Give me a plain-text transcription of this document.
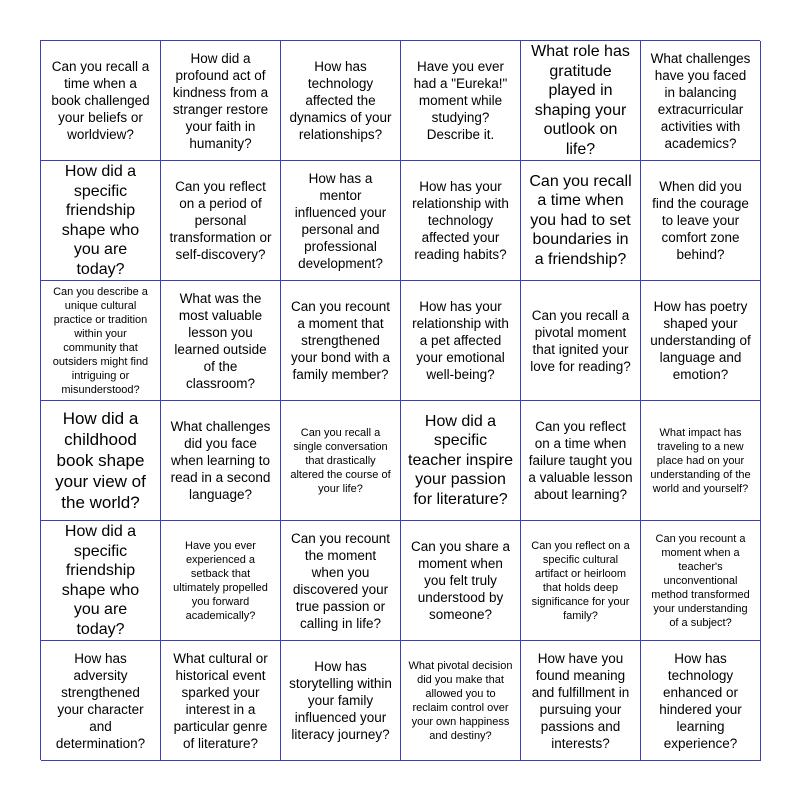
Can you recall a time when a book challenged your beliefs or worldview?
How did a profound act of kindness from a stranger restore your faith in humanity?
How has technology affected the dynamics of your relationships?
Have you ever had a "Eureka!" moment while studying? Describe it.
What role has gratitude played in shaping your outlook on life?
What challenges have you faced in balancing extracurricular activities with academics?
How did a specific friendship shape who you are today?
Can you reflect on a period of personal transformation or self-discovery?
How has a mentor influenced your personal and professional development?
How has your relationship with technology affected your reading habits?
Can you recall a time when you had to set boundaries in a friendship?
When did you find the courage to leave your comfort zone behind?
Can you describe a unique cultural practice or tradition within your community that outsiders might find intriguing or misunderstood?
What was the most valuable lesson you learned outside of the classroom?
Can you recount a moment that strengthened your bond with a family member?
How has your relationship with a pet affected your emotional well-being?
Can you recall a pivotal moment that ignited your love for reading?
How has poetry shaped your understanding of language and emotion?
How did a childhood book shape your view of the world?
What challenges did you face when learning to read in a second language?
Can you recall a single conversation that drastically altered the course of your life?
How did a specific teacher inspire your passion for literature?
Can you reflect on a time when failure taught you a valuable lesson about learning?
What impact has traveling to a new place had on your understanding of the world and yourself?
How did a specific friendship shape who you are today?
Have you ever experienced a setback that ultimately propelled you forward academically?
Can you recount the moment when you discovered your true passion or calling in life?
Can you share a moment when you felt truly understood by someone?
Can you reflect on a specific cultural artifact or heirloom that holds deep significance for your family?
Can you recount a moment when a teacher's unconventional method transformed your understanding of a subject?
How has adversity strengthened your character and determination?
What cultural or historical event sparked your interest in a particular genre of literature?
How has storytelling within your family influenced your literacy journey?
What pivotal decision did you make that allowed you to reclaim control over your own happiness and destiny?
How have you found meaning and fulfillment in pursuing your passions and interests?
How has technology enhanced or hindered your learning experience?
